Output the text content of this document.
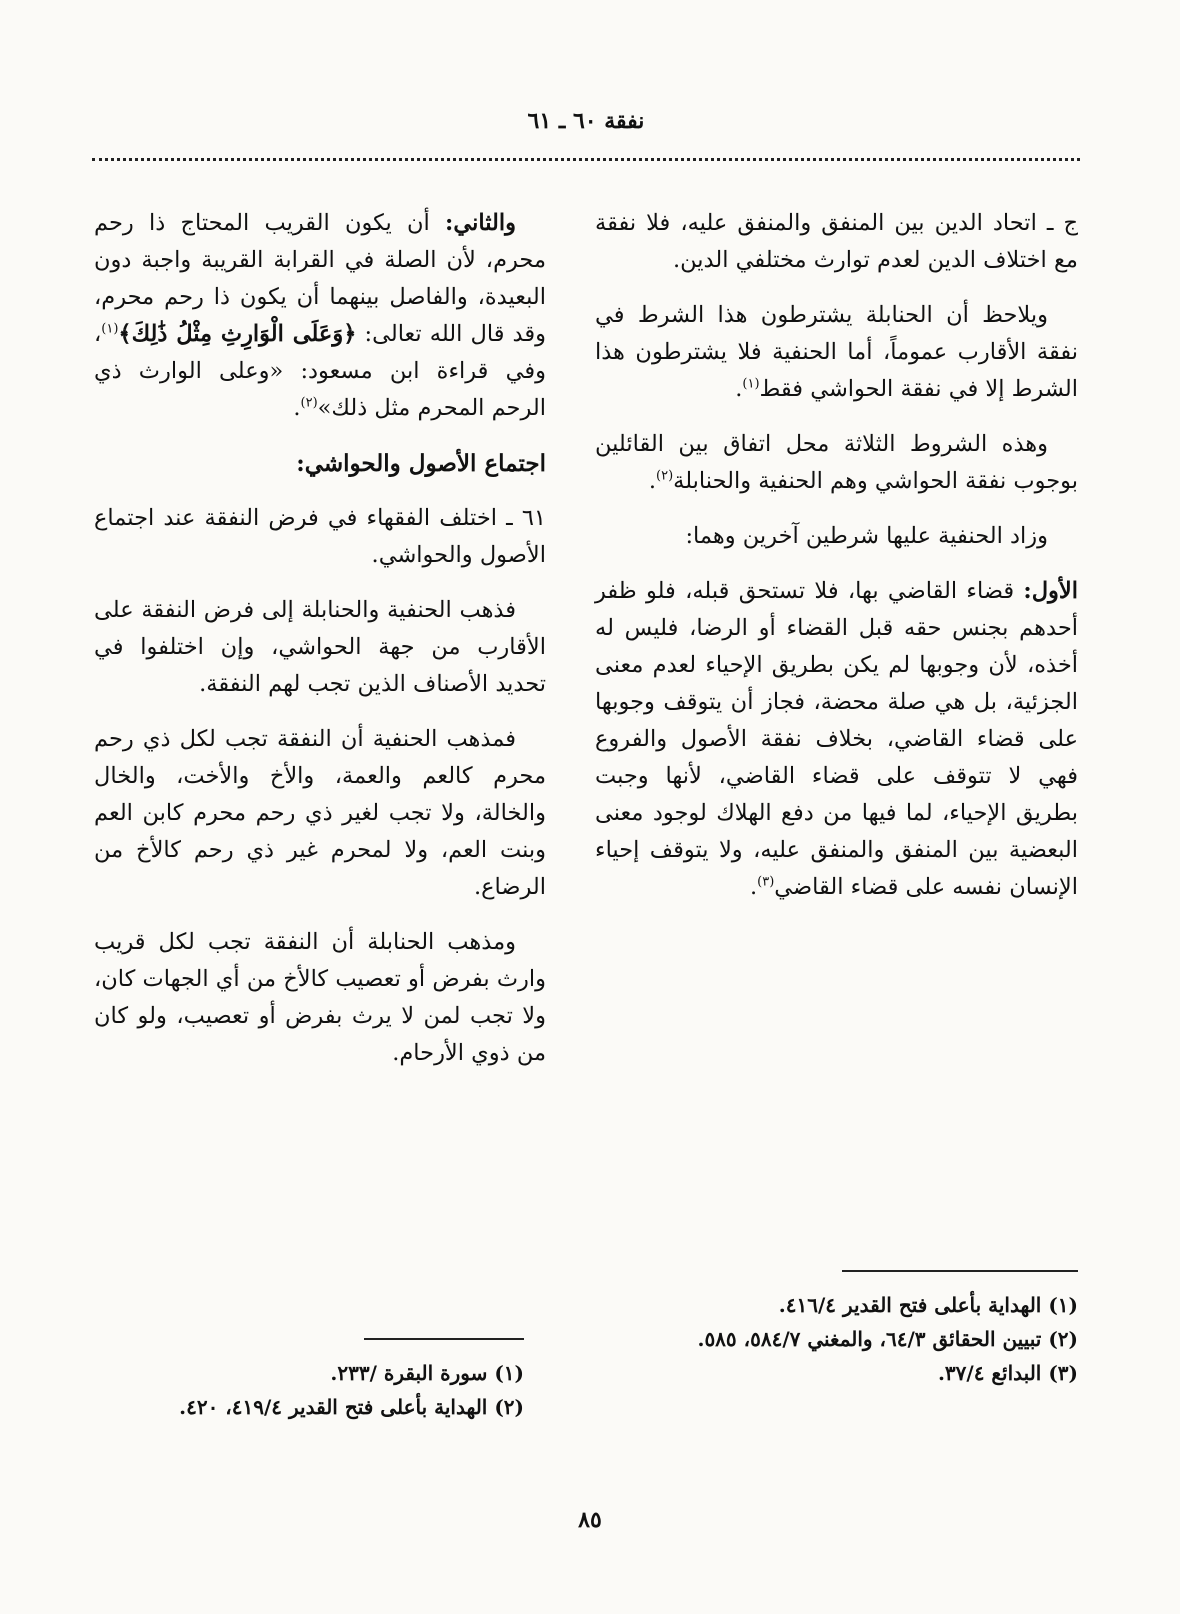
نفقة ٦٠ ـ ٦١

ج ـ اتحاد الدين بين المنفق والمنفق عليه، فلا نفقة مع اختلاف الدين لعدم توارث مختلفي الدين.

ويلاحظ أن الحنابلة يشترطون هذا الشرط في نفقة الأقارب عموماً، أما الحنفية فلا يشترطون هذا الشرط إلا في نفقة الحواشي فقط$^{(١)}$.

وهذه الشروط الثلاثة محل اتفاق بين القائلين بوجوب نفقة الحواشي وهم الحنفية والحنابلة$^{(٢)}$.

وزاد الحنفية عليها شرطين آخرين وهما:

الأول: قضاء القاضي بها، فلا تستحق قبله، فلو ظفر أحدهم بجنس حقه قبل القضاء أو الرضا، فليس له أخذه، لأن وجوبها لم يكن بطريق الإحياء لعدم معنى الجزئية، بل هي صلة محضة، فجاز أن يتوقف وجوبها على قضاء القاضي، بخلاف نفقة الأصول والفروع فهي لا تتوقف على قضاء القاضي، لأنها وجبت بطريق الإحياء، لما فيها من دفع الهلاك لوجود معنى البعضية بين المنفق والمنفق عليه، ولا يتوقف إحياء الإنسان نفسه على قضاء القاضي$^{(٣)}$.

والثاني: أن يكون القريب المحتاج ذا رحم محرم، لأن الصلة في القرابة القريبة واجبة دون البعيدة، والفاصل بينهما أن يكون ذا رحم محرم، وقد قال الله تعالى: ﴿وَعَلَى الْوَارِثِ مِثْلُ ذَٰلِكَ﴾$^{(١)}$، وفي قراءة ابن مسعود: «وعلى الوارث ذي الرحم المحرم مثل ذلك»$^{(٢)}$.

اجتماع الأصول والحواشي:

٦١ ـ اختلف الفقهاء في فرض النفقة عند اجتماع الأصول والحواشي.

فذهب الحنفية والحنابلة إلى فرض النفقة على الأقارب من جهة الحواشي، وإن اختلفوا في تحديد الأصناف الذين تجب لهم النفقة.

فمذهب الحنفية أن النفقة تجب لكل ذي رحم محرم كالعم والعمة، والأخ والأخت، والخال والخالة، ولا تجب لغير ذي رحم محرم كابن العم وبنت العم، ولا لمحرم غير ذي رحم كالأخ من الرضاع.

ومذهب الحنابلة أن النفقة تجب لكل قريب وارث بفرض أو تعصيب كالأخ من أي الجهات كان، ولا تجب لمن لا يرث بفرض أو تعصيب، ولو كان من ذوي الأرحام.

(١) الهداية بأعلى فتح القدير ٤١٦/٤.
(٢) تبيين الحقائق ٦٤/٣، والمغني ٥٨٤/٧، ٥٨٥.
(٣) البدائع ٣٧/٤.
(١) سورة البقرة /٢٣٣.
(٢) الهداية بأعلى فتح القدير ٤١٩/٤، ٤٢٠.
٨٥
